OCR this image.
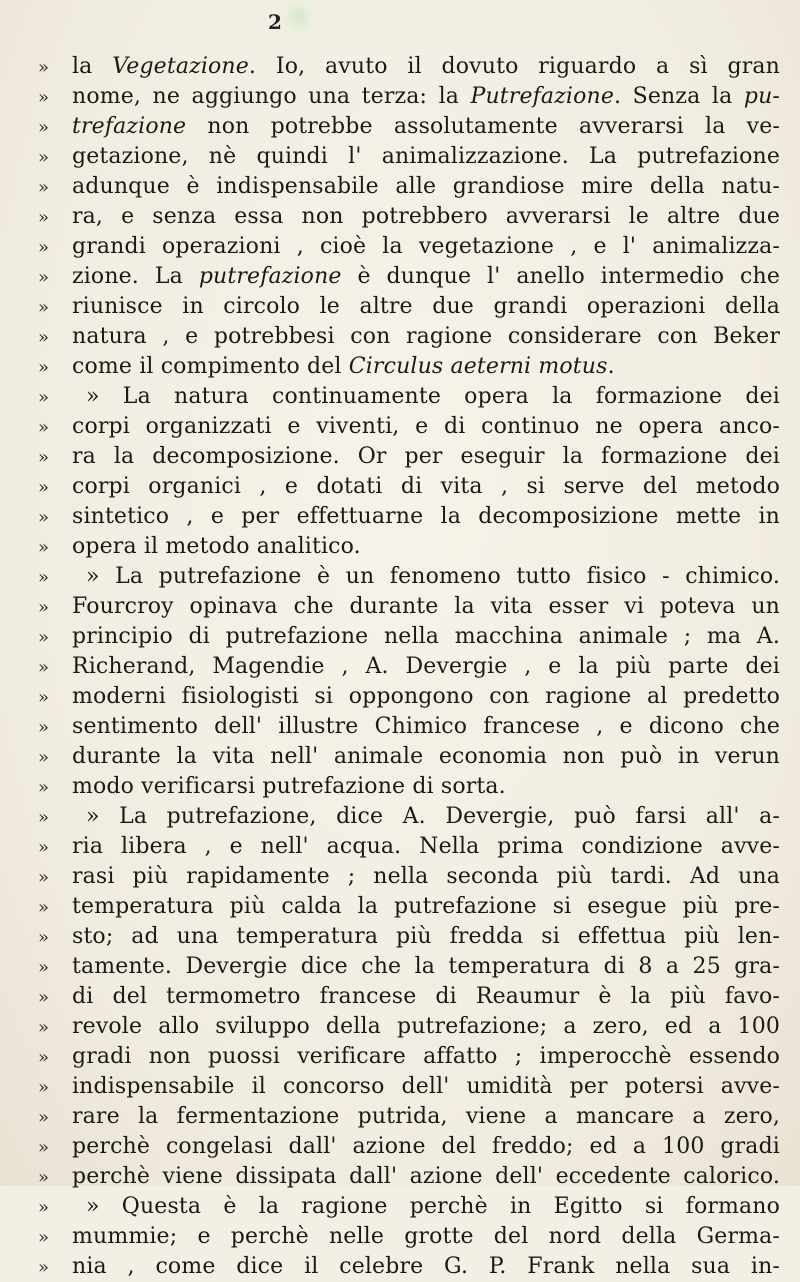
2
»	la Vegetazione. Io, avuto il dovuto riguardo a sì gran
»	nome, ne aggiungo una terza: la Putrefazione. Senza la pu-
»	trefazione non potrebbe assolutamente avverarsi la ve-
»	getazione, nè quindi l' animalizzazione. La putrefazione
»	adunque è indispensabile alle grandiose mire della natu-
»	ra, e senza essa non potrebbero avverarsi le altre due
»	grandi operazioni , cioè la vegetazione , e l' animalizza-
»	zione. La putrefazione è dunque l' anello intermedio che
»	riunisce in circolo le altre due grandi operazioni della
»	natura , e potrebbesi con ragione considerare con Beker
»	come il compimento del Circulus aeterni motus.
»	» La natura continuamente opera la formazione dei
»	corpi organizzati e viventi, e di continuo ne opera anco-
»	ra la decomposizione. Or per eseguir la formazione dei
»	corpi organici , e dotati di vita , si serve del metodo
»	sintetico , e per effettuarne la decomposizione mette in
»	opera il metodo analitico.
»	» La putrefazione è un fenomeno tutto fisico - chimico.
»	Fourcroy opinava che durante la vita esser vi poteva un
»	principio di putrefazione nella macchina animale ; ma A.
»	Richerand, Magendie , A. Devergie , e la più parte dei
»	moderni fisiologisti si oppongono con ragione al predetto
»	sentimento dell' illustre Chimico francese , e dicono che
»	durante la vita nell' animale economia non può in verun
»	modo verificarsi putrefazione di sorta.
»	» La putrefazione, dice A. Devergie, può farsi all' a-
»	ria libera , e nell' acqua. Nella prima condizione avve-
»	rasi più rapidamente ; nella seconda più tardi. Ad una
»	temperatura più calda la putrefazione si esegue più pre-
»	sto; ad una temperatura più fredda si effettua più len-
»	tamente. Devergie dice che la temperatura di 8 a 25 gra-
»	di del termometro francese di Reaumur è la più favo-
»	revole allo sviluppo della putrefazione; a zero, ed a 100
»	gradi non puossi verificare affatto ; imperocchè essendo
»	indispensabile il concorso dell' umidità per potersi avve-
»	rare la fermentazione putrida, viene a mancare a zero,
»	perchè congelasi dall' azione del freddo; ed a 100 gradi
»	perchè viene dissipata dall' azione dell' eccedente calorico.
»	» Questa è la ragione perchè in Egitto si formano
»	mummie; e perchè nelle grotte del nord della Germa-
»	nia , come dice il celebre G. P. Frank nella sua in-
